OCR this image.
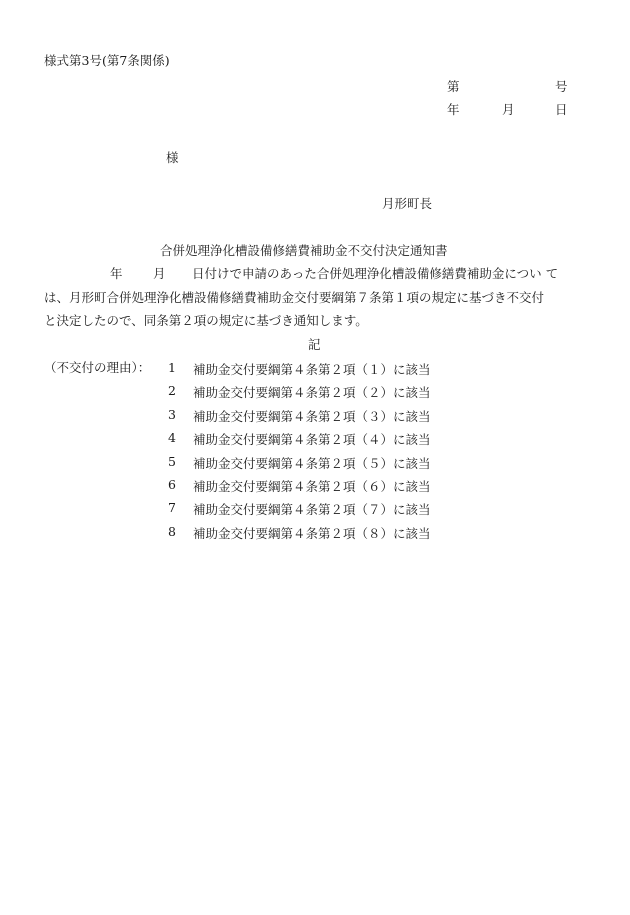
様式第3号(第7条関係)
第	号
年	月	日
様
月形町長
合併処理浄化槽設備修繕費補助金不交付決定通知書
年 月 日付けで申請のあった合併処理浄化槽設備修繕費補助金につい て
は、月形町合併処理浄化槽設備修繕費補助金交付要綱第７条第１項の規定に基づき不交付
と決定したので、同条第２項の規定に基づき通知します。
記
（不交付の理由）： 1 補助金交付要綱第４条第２項（１）に該当
2 補助金交付要綱第４条第２項（２）に該当
3 補助金交付要綱第４条第２項（３）に該当
4 補助金交付要綱第４条第２項（４）に該当
5 補助金交付要綱第４条第２項（５）に該当
6 補助金交付要綱第４条第２項（６）に該当
7 補助金交付要綱第４条第２項（７）に該当
8 補助金交付要綱第４条第２項（８）に該当
